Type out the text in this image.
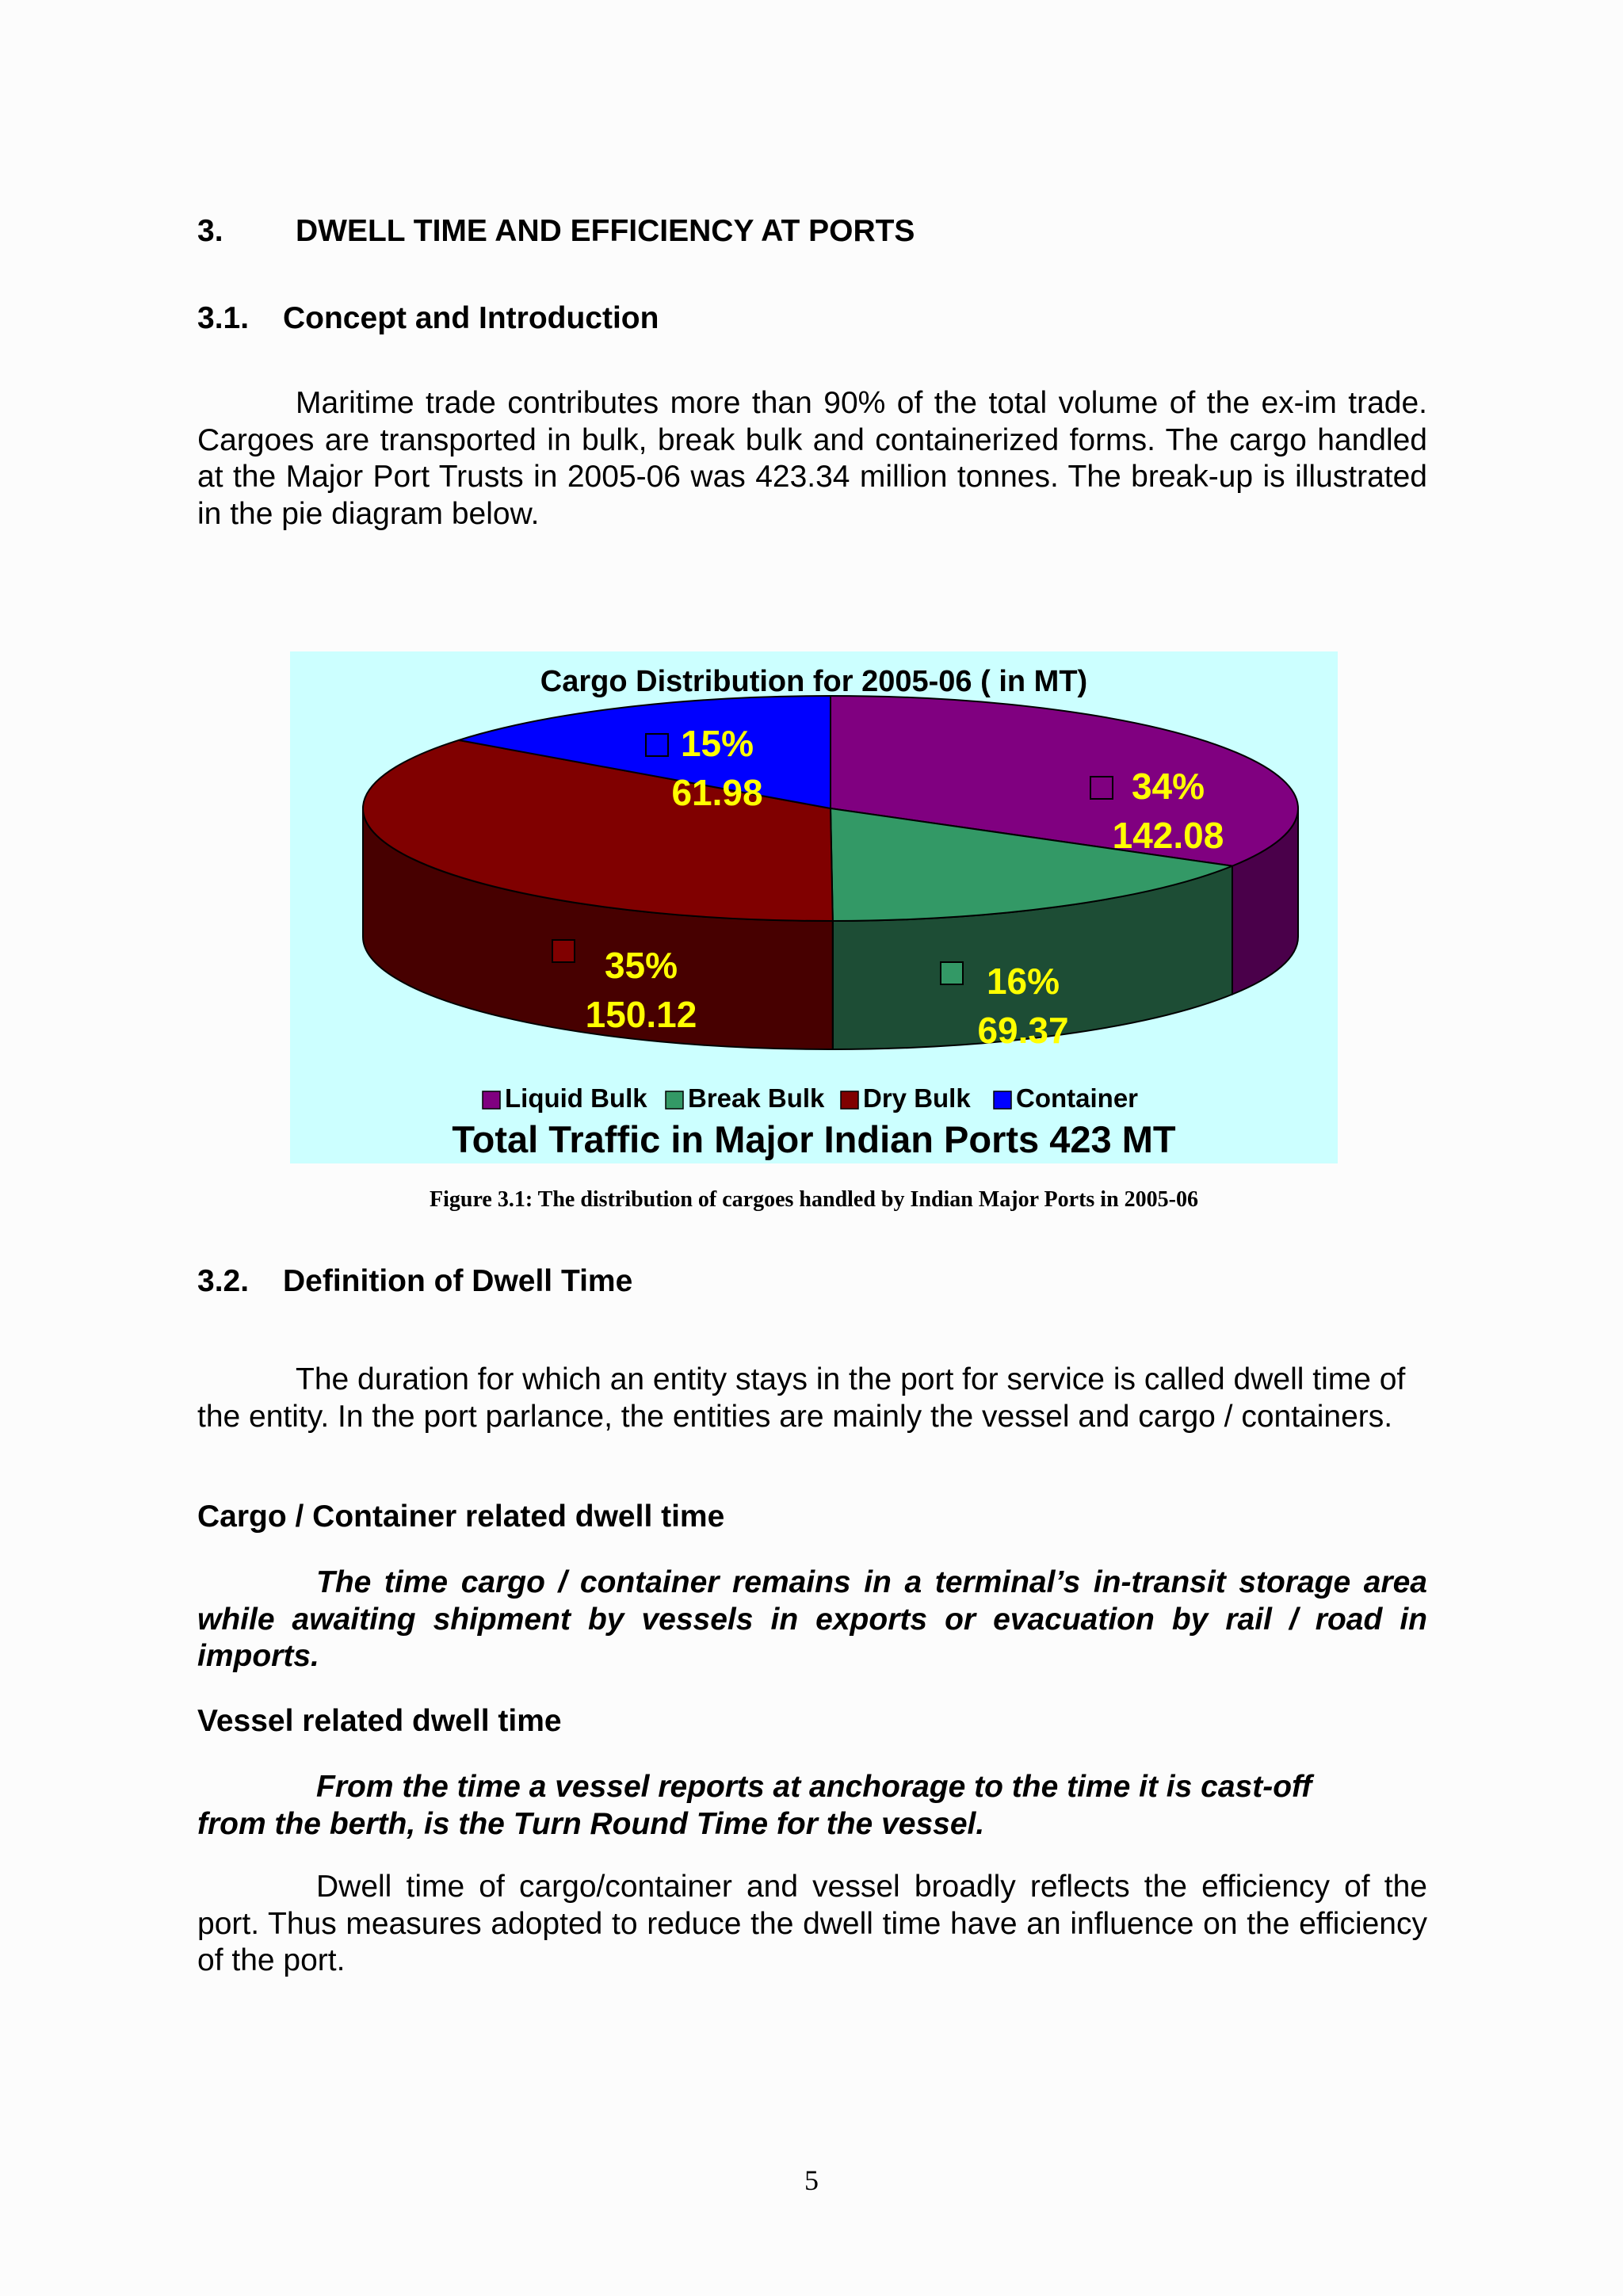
3. DWELL TIME AND EFFICIENCY AT PORTS
3.1. Concept and Introduction
Maritime trade contributes more than 90% of the total volume of the ex-im trade. Cargoes are transported in bulk, break bulk and containerized forms. The cargo handled at the Major Port Trusts in 2005-06 was 423.34 million tonnes. The break-up is illustrated in the pie diagram below.
Cargo Distribution for 2005-06 ( in MT)
34%
142.08
16%
69.37
35%
150.12
15%
61.98
Liquid Bulk Break Bulk Dry Bulk Container
Total Traffic in Major Indian Ports 423 MT
Figure 3.1: The distribution of cargoes handled by Indian Major Ports in 2005-06
3.2. Definition of Dwell Time
The duration for which an entity stays in the port for service is called dwell time of the entity. In the port parlance, the entities are mainly the vessel and cargo / containers.
Cargo / Container related dwell time
The time cargo / container remains in a terminal’s in-transit storage area while awaiting shipment by vessels in exports or evacuation by rail / road in imports.
Vessel related dwell time
From the time a vessel reports at anchorage to the time it is cast-off from the berth, is the Turn Round Time for the vessel.
Dwell time of cargo/container and vessel broadly reflects the efficiency of the port. Thus measures adopted to reduce the dwell time have an influence on the efficiency of the port.
5
